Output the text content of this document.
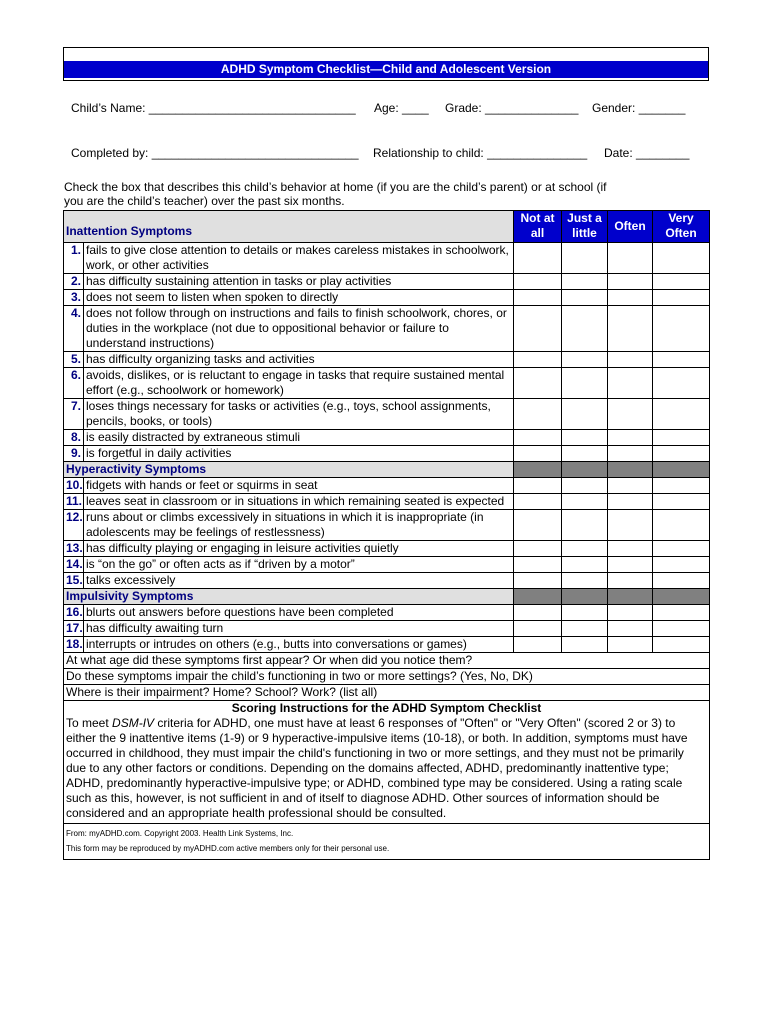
ADHD Symptom Checklist—Child and Adolescent Version
Child’s Name: _______________________________ Age: ____ Grade: ______________ Gender: _______
Completed by: _______________________________ Relationship to child: _______________ Date: ________
Check the box that describes this child’s behavior at home (if you are the child’s parent) or at school (if you are the child’s teacher) over the past six months.
Inattention Symptoms		Not at all	Just a little	Often	Very Often
1.	fails to give close attention to details or makes careless mistakes in schoolwork, work, or other activities				
2.	has difficulty sustaining attention in tasks or play activities				
3.	does not seem to listen when spoken to directly				
4.	does not follow through on instructions and fails to finish schoolwork, chores, or duties in the workplace (not due to oppositional behavior or failure to understand instructions)				
5.	has difficulty organizing tasks and activities				
6.	avoids, dislikes, or is reluctant to engage in tasks that require sustained mental effort (e.g., schoolwork or homework)				
7.	loses things necessary for tasks or activities (e.g., toys, school assignments, pencils, books, or tools)				
8.	is easily distracted by extraneous stimuli				
9.	is forgetful in daily activities				
Hyperactivity Symptoms					
10.	fidgets with hands or feet or squirms in seat				
11.	leaves seat in classroom or in situations in which remaining seated is expected				
12.	runs about or climbs excessively in situations in which it is inappropriate (in adolescents may be feelings of restlessness)				
13.	has difficulty playing or engaging in leisure activities quietly				
14.	is “on the go” or often acts as if “driven by a motor”				
15.	talks excessively				
Impulsivity Symptoms					
16.	blurts out answers before questions have been completed				
17.	has difficulty awaiting turn				
18.	interrupts or intrudes on others (e.g., butts into conversations or games)				
At what age did these symptoms first appear? Or when did you notice them?					
Do these symptoms impair the child’s functioning in two or more settings? (Yes, No, DK)					
Where is their impairment? Home? School? Work? (list all)					

Scoring Instructions for the ADHD Symptom Checklist
To meet DSM-IV criteria for ADHD, one must have at least 6 responses of "Often" or "Very Often" (scored 2 or 3) to either the 9 inattentive items (1-9) or 9 hyperactive-impulsive items (10-18), or both. In addition, symptoms must have occurred in childhood, they must impair the child's functioning in two or more settings, and they must not be primarily due to any other factors or conditions. Depending on the domains affected, ADHD, predominantly inattentive type; ADHD, predominantly hyperactive-impulsive type; or ADHD, combined type may be considered. Using a rating scale such as this, however, is not sufficient in and of itself to diagnose ADHD. Other sources of information should be considered and an appropriate health professional should be consulted.					

From: myADHD.com. Copyright 2003. Health Link Systems, Inc.
This form may be reproduced by myADHD.com active members only for their personal use.					
